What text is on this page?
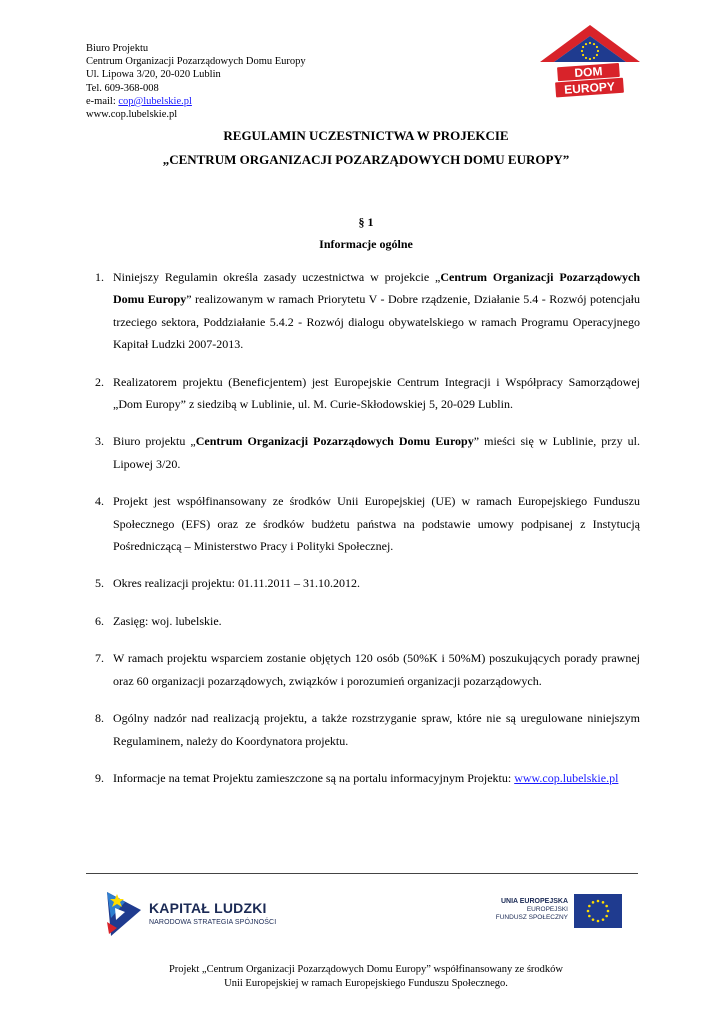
Biuro Projektu
Centrum Organizacji Pozarządowych Domu Europy
Ul. Lipowa 3/20, 20-020 Lublin
Tel. 609-368-008
e-mail: cop@lubelskie.pl
www.cop.lubelskie.pl
DOM
EUROPY
REGULAMIN UCZESTNICTWA W PROJEKCIE
„CENTRUM ORGANIZACJI POZARZĄDOWYCH DOMU EUROPY”
§ 1
Informacje ogólne
1. Niniejszy Regulamin określa zasady uczestnictwa w projekcie „Centrum Organizacji Pozarządowych Domu Europy” realizowanym w ramach Priorytetu V - Dobre rządzenie, Działanie 5.4 - Rozwój potencjału trzeciego sektora, Poddziałanie 5.4.2 - Rozwój dialogu obywatelskiego w ramach Programu Operacyjnego Kapitał Ludzki 2007-2013.
2. Realizatorem projektu (Beneficjentem) jest Europejskie Centrum Integracji i Współpracy Samorządowej „Dom Europy” z siedzibą w Lublinie, ul. M. Curie-Skłodowskiej 5, 20-029 Lublin.
3. Biuro projektu „Centrum Organizacji Pozarządowych Domu Europy” mieści się w Lublinie, przy ul. Lipowej 3/20.
4. Projekt jest współfinansowany ze środków Unii Europejskiej (UE) w ramach Europejskiego Funduszu Społecznego (EFS) oraz ze środków budżetu państwa na podstawie umowy podpisanej z Instytucją Pośredniczącą – Ministerstwo Pracy i Polityki Społecznej.
5. Okres realizacji projektu: 01.11.2011 – 31.10.2012.
6. Zasięg: woj. lubelskie.
7. W ramach projektu wsparciem zostanie objętych 120 osób (50%K i 50%M) poszukujących porady prawnej oraz 60 organizacji pozarządowych, związków i porozumień organizacji pozarządowych.
8. Ogólny nadzór nad realizacją projektu, a także rozstrzyganie spraw, które nie są uregulowane niniejszym Regulaminem, należy do Koordynatora projektu.
9. Informacje na temat Projektu zamieszczone są na portalu informacyjnym Projektu: www.cop.lubelskie.pl
KAPITAŁ LUDZKI
NARODOWA STRATEGIA SPÓJNOŚCI
UNIA EUROPEJSKA
EUROPEJSKI
FUNDUSZ SPOŁECZNY
Projekt „Centrum Organizacji Pozarządowych Domu Europy” współfinansowany ze środków
Unii Europejskiej w ramach Europejskiego Funduszu Społecznego.
